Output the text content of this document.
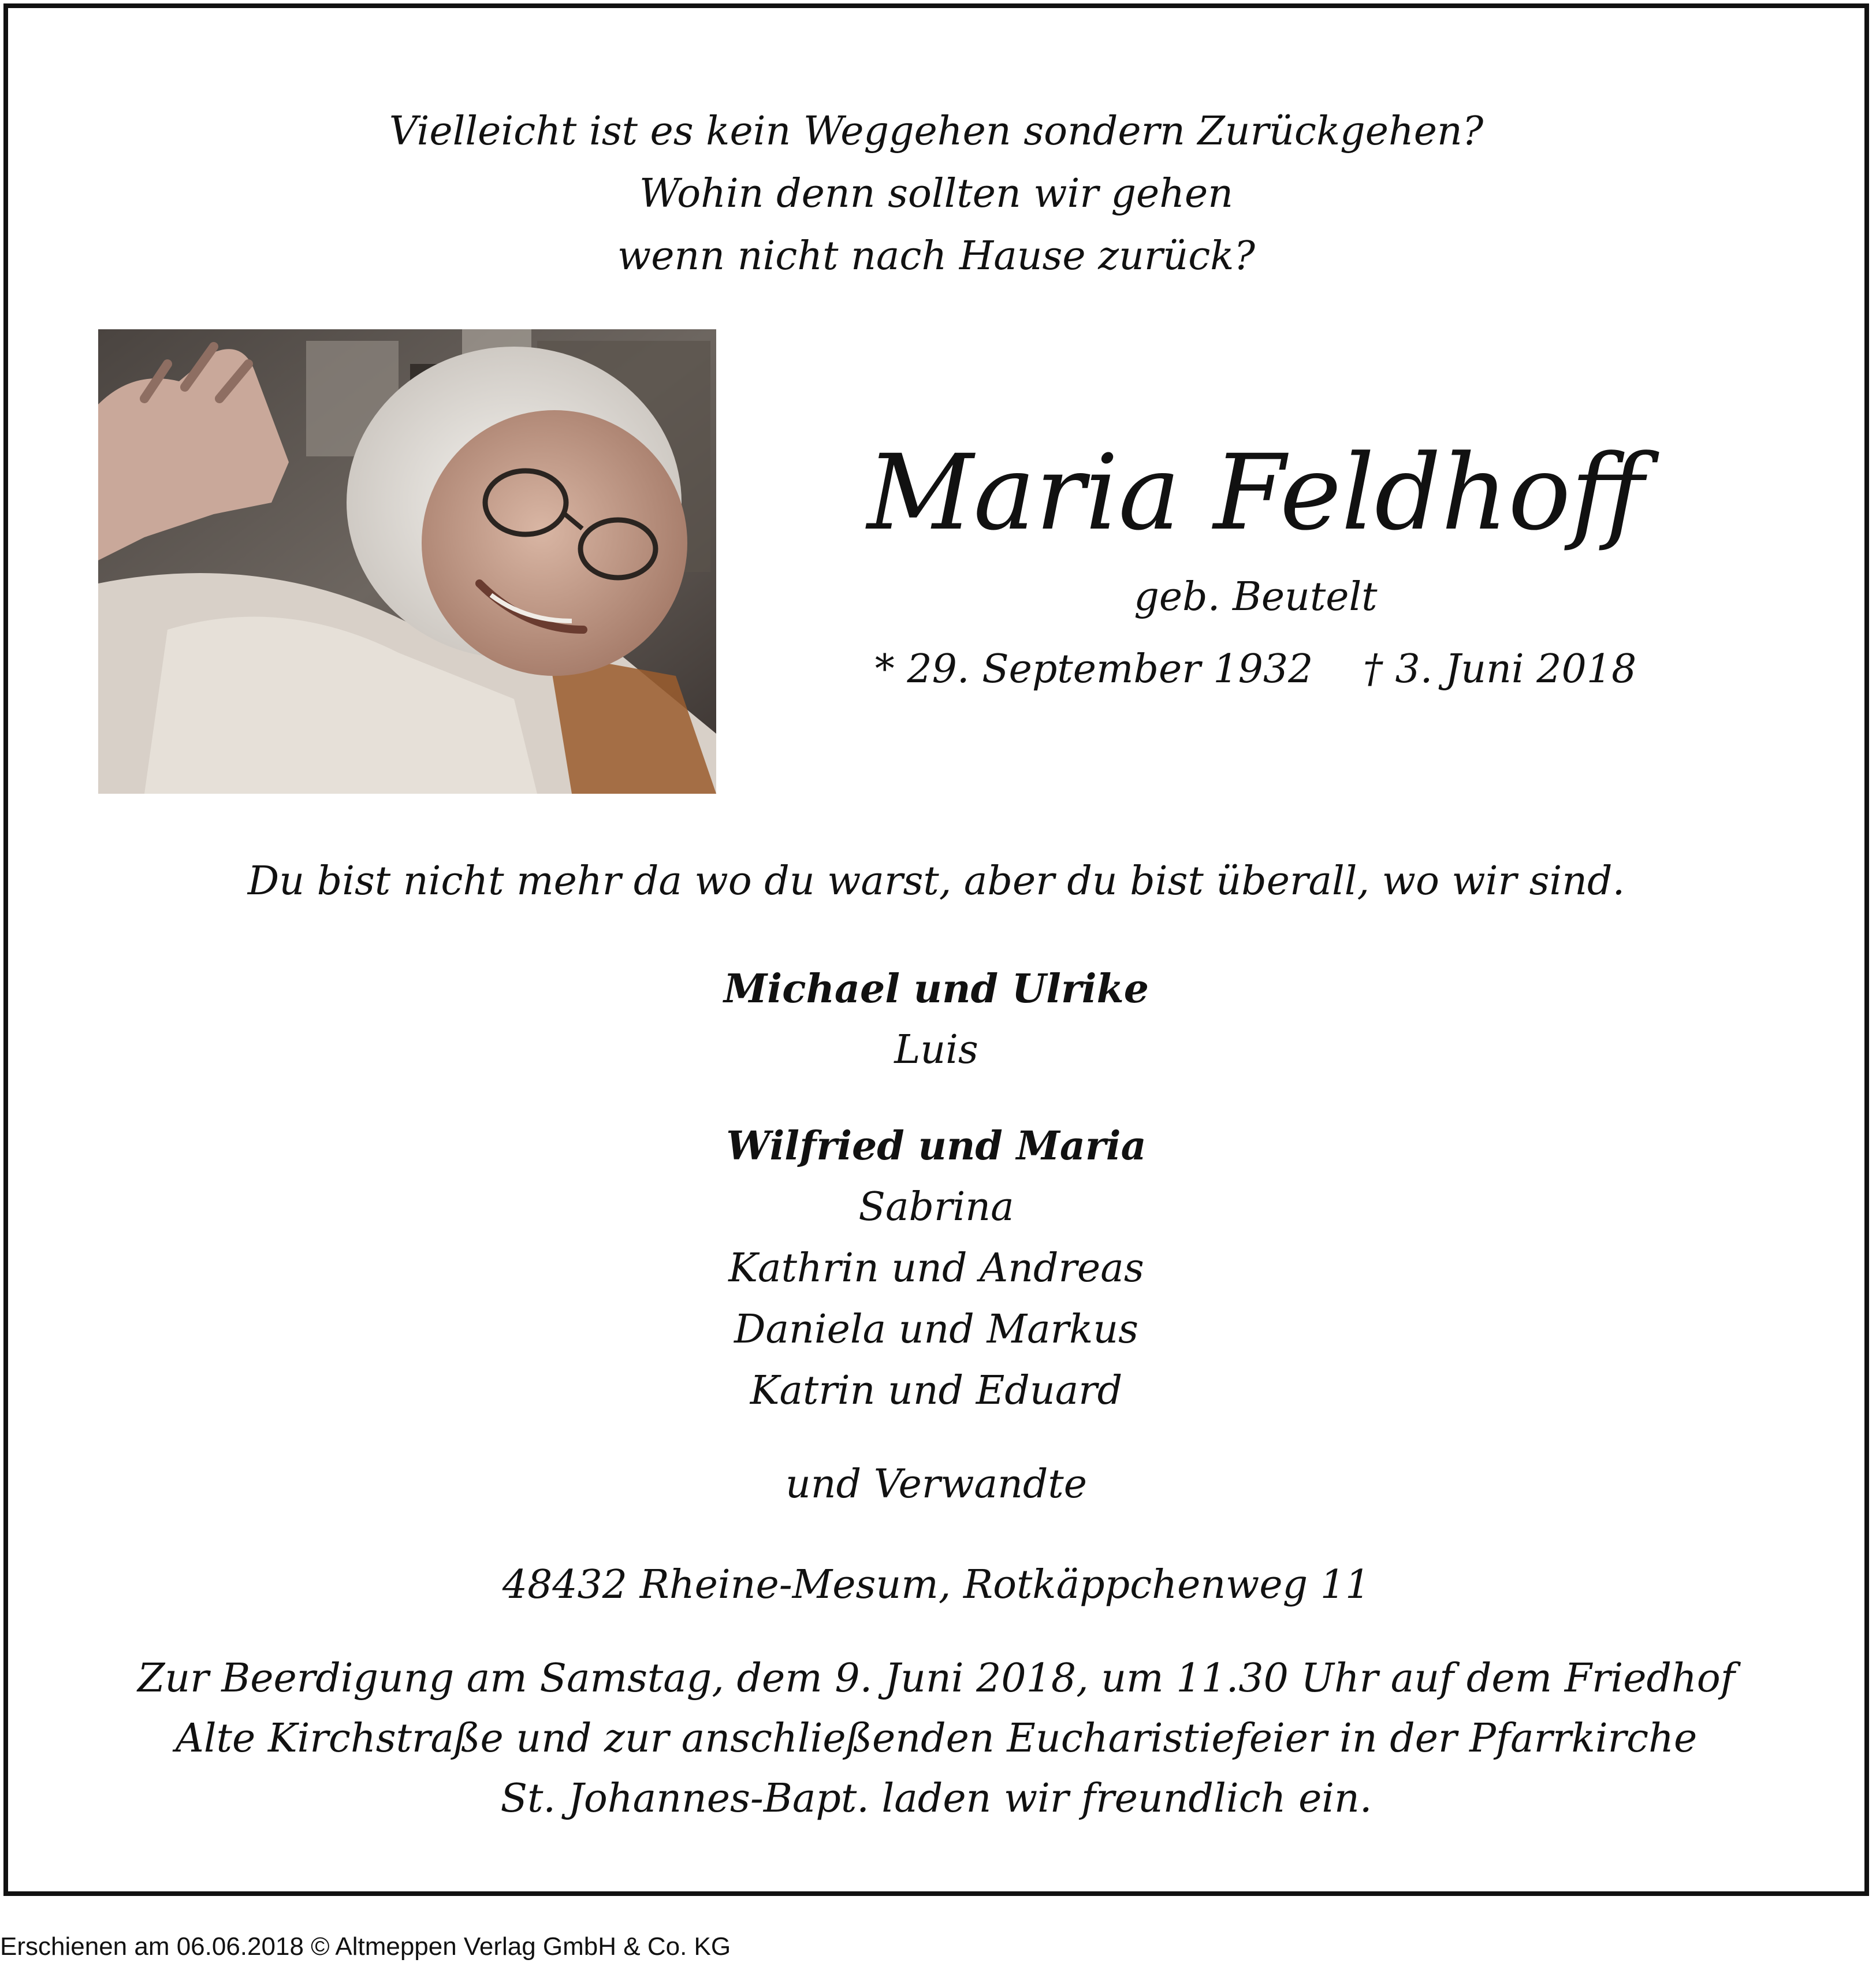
Vielleicht ist es kein Weggehen sondern Zurückgehen?
Wohin denn sollten wir gehen
wenn nicht nach Hause zurück?
Maria Feldhoff
geb. Beutelt
* 29. September 1932 † 3. Juni 2018
Du bist nicht mehr da wo du warst, aber du bist überall, wo wir sind.
Michael und Ulrike
Luis
Wilfried und Maria
Sabrina
Kathrin und Andreas
Daniela und Markus
Katrin und Eduard
und Verwandte
48432 Rheine-Mesum, Rotkäppchenweg 11
Zur Beerdigung am Samstag, dem 9. Juni 2018, um 11.30 Uhr auf dem Friedhof
Alte Kirchstraße und zur anschließenden Eucharistiefeier in der Pfarrkirche
St. Johannes-Bapt. laden wir freundlich ein.
Erschienen am 06.06.2018 © Altmeppen Verlag GmbH & Co. KG
